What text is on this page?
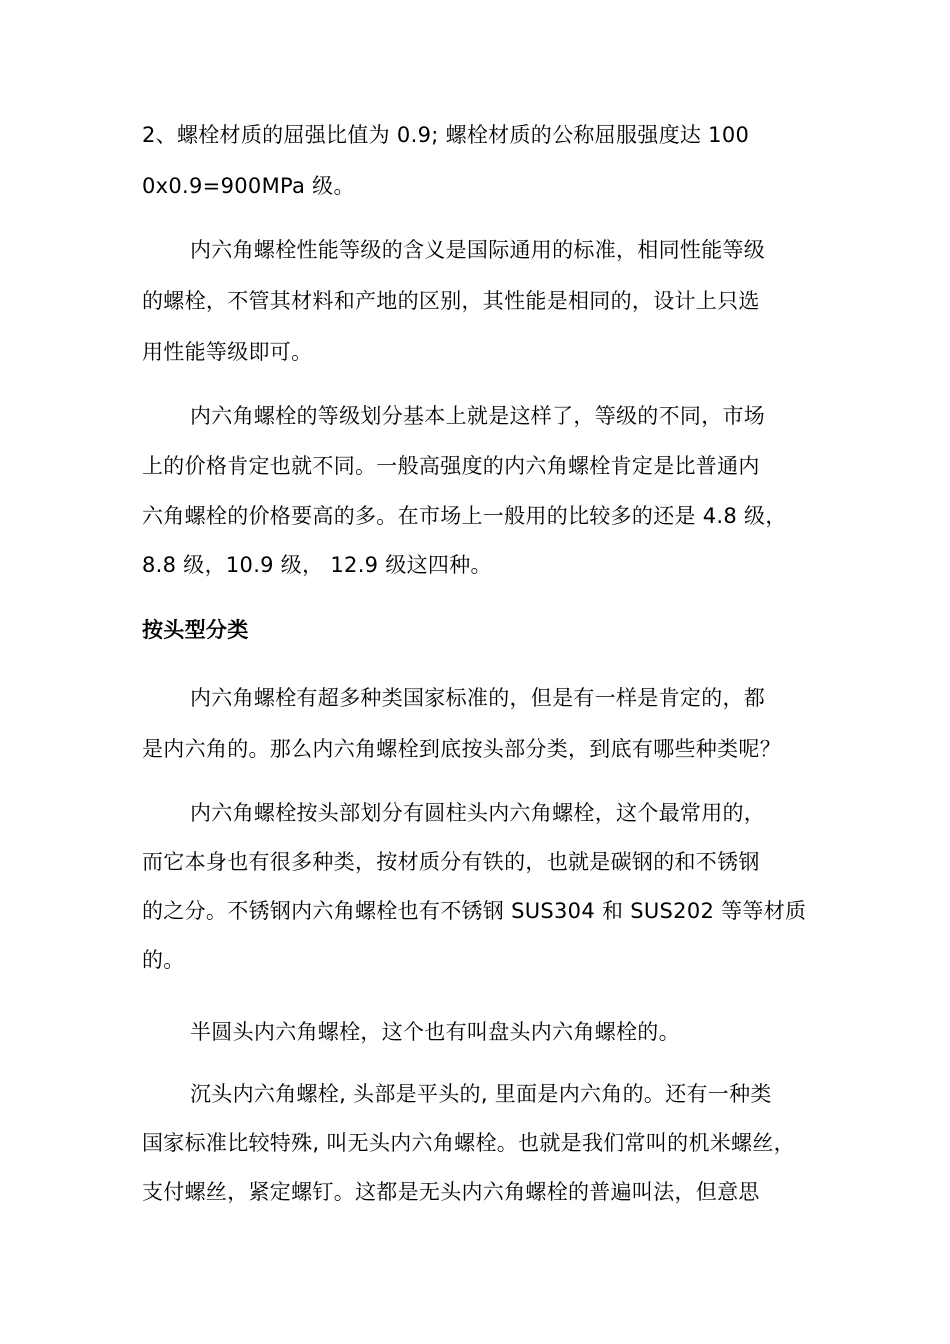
2、螺栓材质的屈强比值为 0.9; 螺栓材质的公称屈服强度达 100
0x0.9=900MPa 级。
内六角螺栓性能等级的含义是国际通用的标准，相同性能等级
的螺栓，不管其材料和产地的区别，其性能是相同的，设计上只选
用性能等级即可。
内六角螺栓的等级划分基本上就是这样了，等级的不同，市场
上的价格肯定也就不同。一般高强度的内六角螺栓肯定是比普通内
六角螺栓的价格要高的多。在市场上一般用的比较多的还是 4.8 级，
8.8 级，10.9 级， 12.9 级这四种。
按头型分类
内六角螺栓有超多种类国家标准的，但是有一样是肯定的，都
是内六角的。那么内六角螺栓到底按头部分类，到底有哪些种类呢？
内六角螺栓按头部划分有圆柱头内六角螺栓，这个最常用的，
而它本身也有很多种类，按材质分有铁的，也就是碳钢的和不锈钢
的之分。不锈钢内六角螺栓也有不锈钢 SUS304 和 SUS202 等等材质
的。
半圆头内六角螺栓，这个也有叫盘头内六角螺栓的。
沉头内六角螺栓, 头部是平头的, 里面是内六角的。还有一种类
国家标准比较特殊, 叫无头内六角螺栓。也就是我们常叫的机米螺丝，
支付螺丝，紧定螺钉。这都是无头内六角螺栓的普遍叫法，但意思
